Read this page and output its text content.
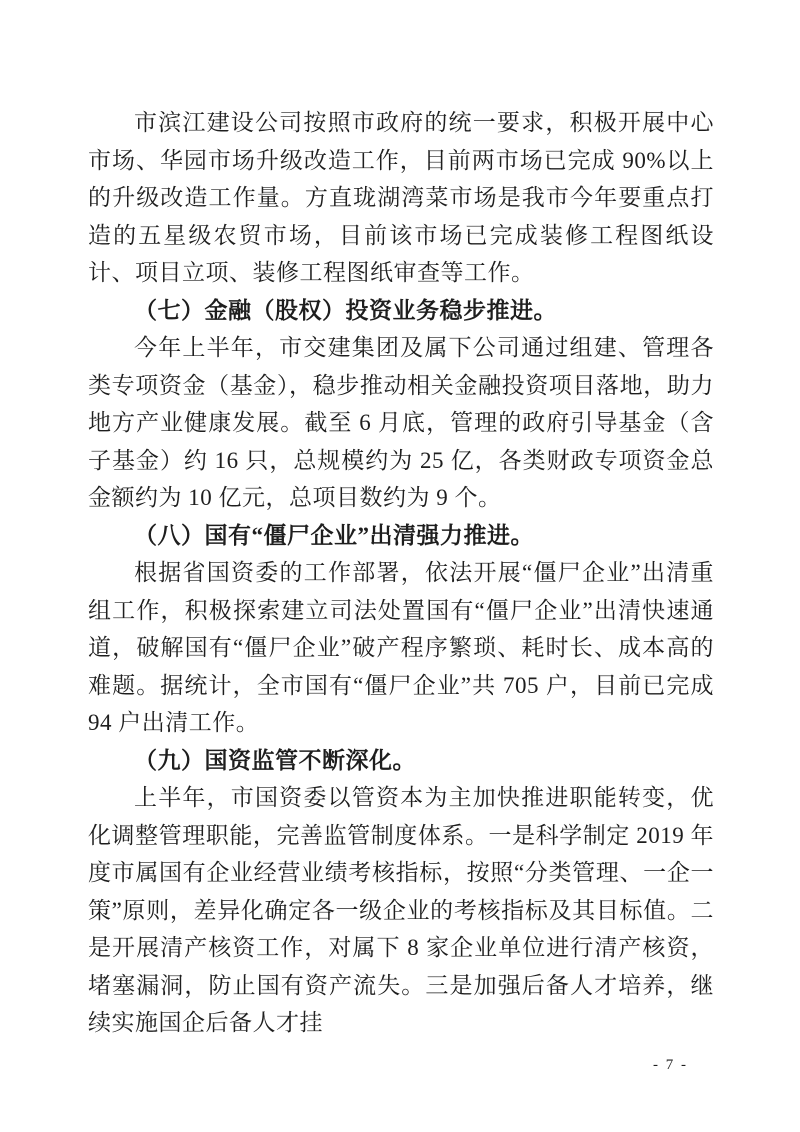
市滨江建设公司按照市政府的统一要求，积极开展中心市场、华园市场升级改造工作，目前两市场已完成 90%以上的升级改造工作量。方直珑湖湾菜市场是我市今年要重点打造的五星级农贸市场，目前该市场已完成装修工程图纸设计、项目立项、装修工程图纸审查等工作。

（七）金融（股权）投资业务稳步推进。

今年上半年，市交建集团及属下公司通过组建、管理各类专项资金（基金），稳步推动相关金融投资项目落地，助力地方产业健康发展。截至 6 月底，管理的政府引导基金（含子基金）约 16 只，总规模约为 25 亿，各类财政专项资金总金额约为 10 亿元，总项目数约为 9 个。

（八）国有“僵尸企业”出清强力推进。

根据省国资委的工作部署，依法开展“僵尸企业”出清重组工作，积极探索建立司法处置国有“僵尸企业”出清快速通道，破解国有“僵尸企业”破产程序繁琐、耗时长、成本高的难题。据统计，全市国有“僵尸企业”共 705 户，目前已完成 94 户出清工作。

（九）国资监管不断深化。

上半年，市国资委以管资本为主加快推进职能转变，优化调整管理职能，完善监管制度体系。一是科学制定 2019 年度市属国有企业经营业绩考核指标，按照“分类管理、一企一策”原则，差异化确定各一级企业的考核指标及其目标值。二是开展清产核资工作，对属下 8 家企业单位进行清产核资，堵塞漏洞，防止国有资产流失。三是加强后备人才培养，继续实施国企后备人才挂

- 7 -
